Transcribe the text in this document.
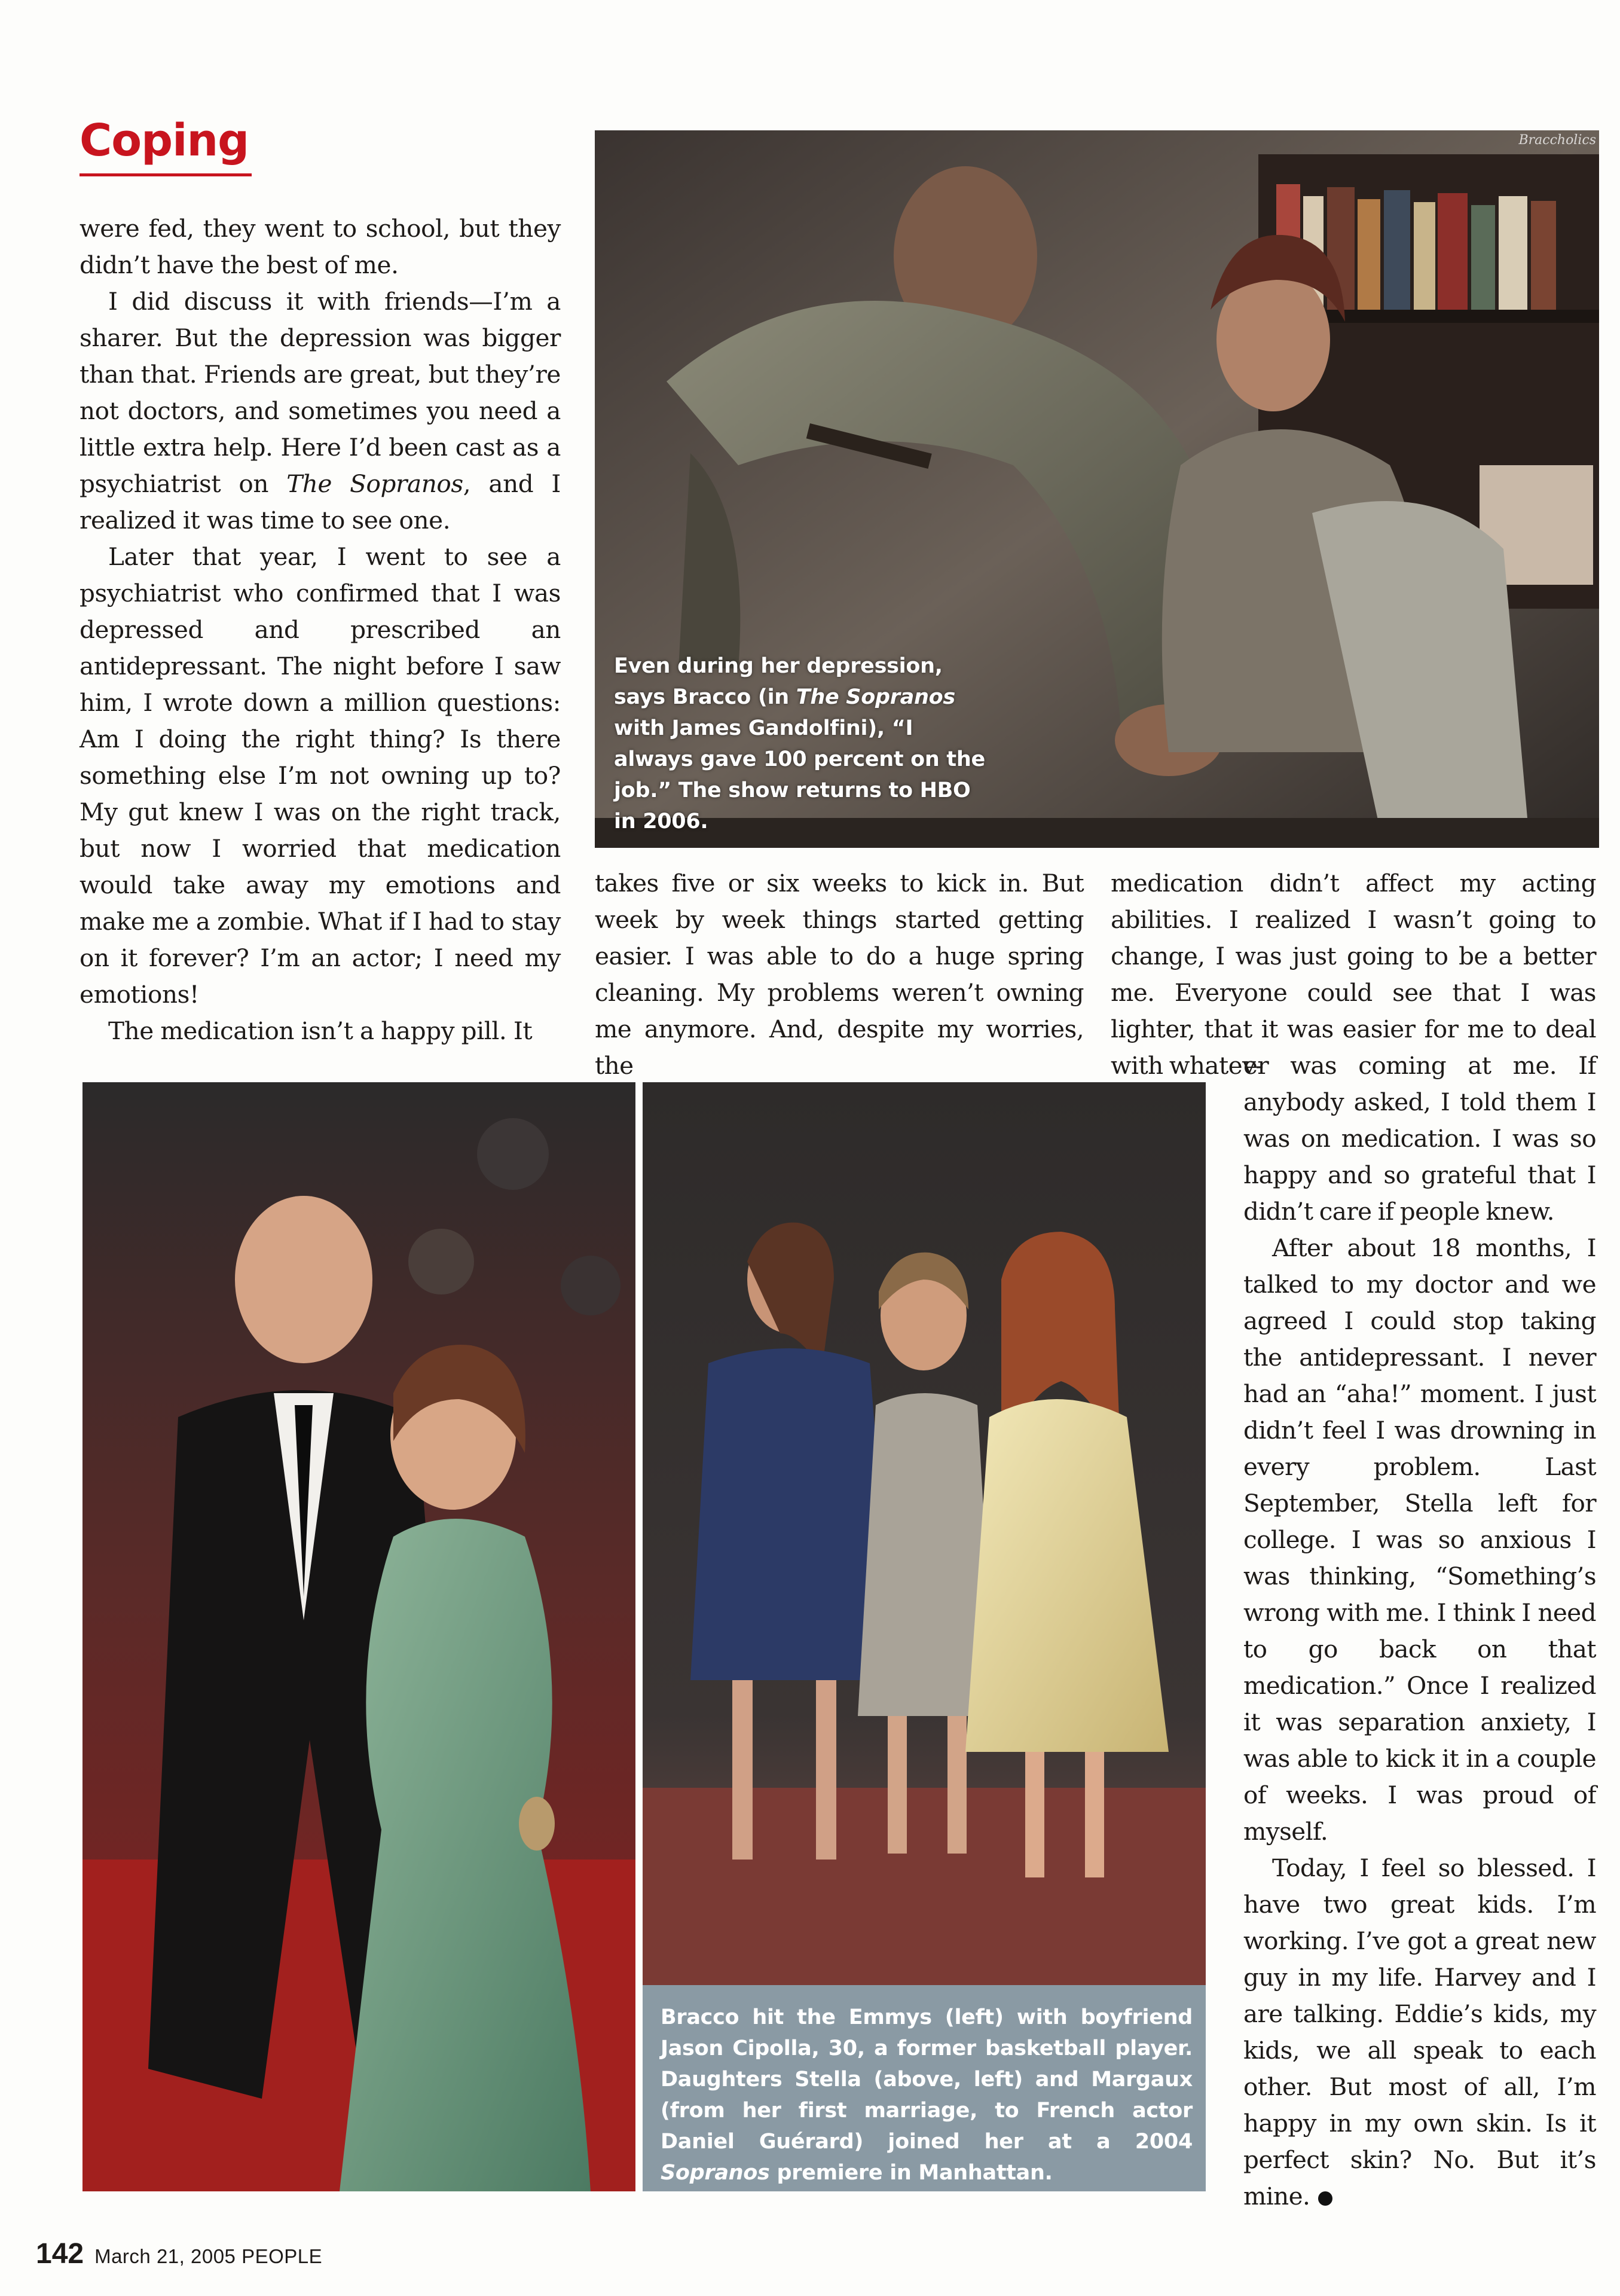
Coping

were fed, they went to school, but they didn’t have the best of me.

I did discuss it with friends—I’m a sharer. But the depression was bigger than that. Friends are great, but they’re not doctors, and sometimes you need a little extra help. Here I’d been cast as a psychiatrist on The Sopranos, and I realized it was time to see one.

Later that year, I went to see a psychiatrist who confirmed that I was depressed and prescribed an antidepressant. The night before I saw him, I wrote down a million questions: Am I doing the right thing? Is there something else I’m not owning up to? My gut knew I was on the right track, but now I worried that medication would take away my emotions and make me a zombie. What if I had to stay on it forever? I’m an actor; I need my emotions!

The medication isn’t a happy pill. It

takes five or six weeks to kick in. But week by week things started getting easier. I was able to do a huge spring cleaning. My problems weren’t owning me anymore. And, despite my worries, the

medication didn’t affect my acting abilities. I realized I wasn’t going to change, I was just going to be a better me. Everyone could see that I was lighter, that it was easier for me to deal with whatev-

er was coming at me. If anybody asked, I told them I was on medication. I was so happy and so grateful that I didn’t care if people knew.

After about 18 months, I talked to my doctor and we agreed I could stop taking the antidepressant. I never had an “aha!” moment. I just didn’t feel I was drowning in every problem. Last September, Stella left for college. I was so anxious I was thinking, “Something’s wrong with me. I think I need to go back on that medication.” Once I realized it was separation anxiety, I was able to kick it in a couple of weeks. I was proud of myself.

Today, I feel so blessed. I have two great kids. I’m working. I’ve got a great new guy in my life. Harvey and I are talking. Eddie’s kids, my kids, we all speak to each other. But most of all, I’m happy in my own skin. Is it perfect skin? No. But it’s mine.

Braccholics
Even during her depression, says Bracco (in The Sopranos with James Gandolfini), “I always gave 100 percent on the job.” The show returns to HBO in 2006.
Bracco hit the Emmys (left) with boyfriend Jason Cipolla, 30, a former basketball player. Daughters Stella (above, left) and Margaux (from her first marriage, to French actor Daniel Guérard) joined her at a 2004 Sopranos premiere in Manhattan.
142 March 21, 2005 PEOPLE
